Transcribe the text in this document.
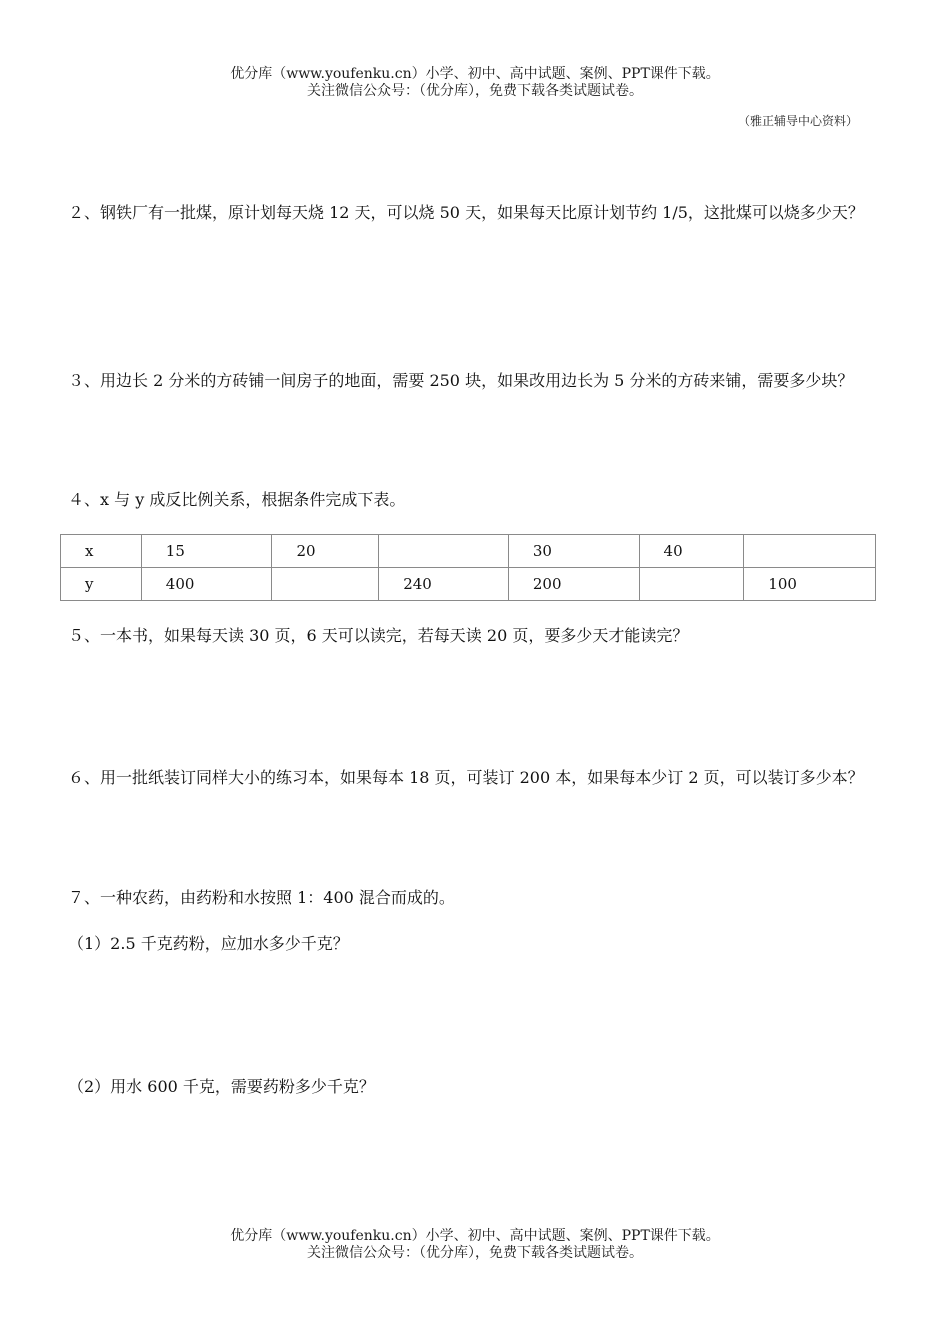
优分库（www.youfenku.cn）小学、初中、高中试题、案例、PPT课件下载。
关注微信公众号：（优分库），免费下载各类试题试卷。
（雅正辅导中心资料）
２、钢铁厂有一批煤，原计划每天烧 12 天，可以烧 50 天，如果每天比原计划节约 1/5，这批煤可以烧多少天？
３、用边长 2 分米的方砖铺一间房子的地面，需要 250 块，如果改用边长为 5 分米的方砖来铺，需要多少块？
４、x 与 y 成反比例关系，根据条件完成下表。
x	15	20		30	40	
y	400		240	200		100
５、一本书，如果每天读 30 页，6 天可以读完，若每天读 20 页，要多少天才能读完？
６、用一批纸装订同样大小的练习本，如果每本 18 页，可装订 200 本，如果每本少订 2 页，可以装订多少本？
７、一种农药，由药粉和水按照 1：400 混合而成的。
（1）2.5 千克药粉，应加水多少千克？
（2）用水 600 千克，需要药粉多少千克？
优分库（www.youfenku.cn）小学、初中、高中试题、案例、PPT课件下载。
关注微信公众号：（优分库），免费下载各类试题试卷。
